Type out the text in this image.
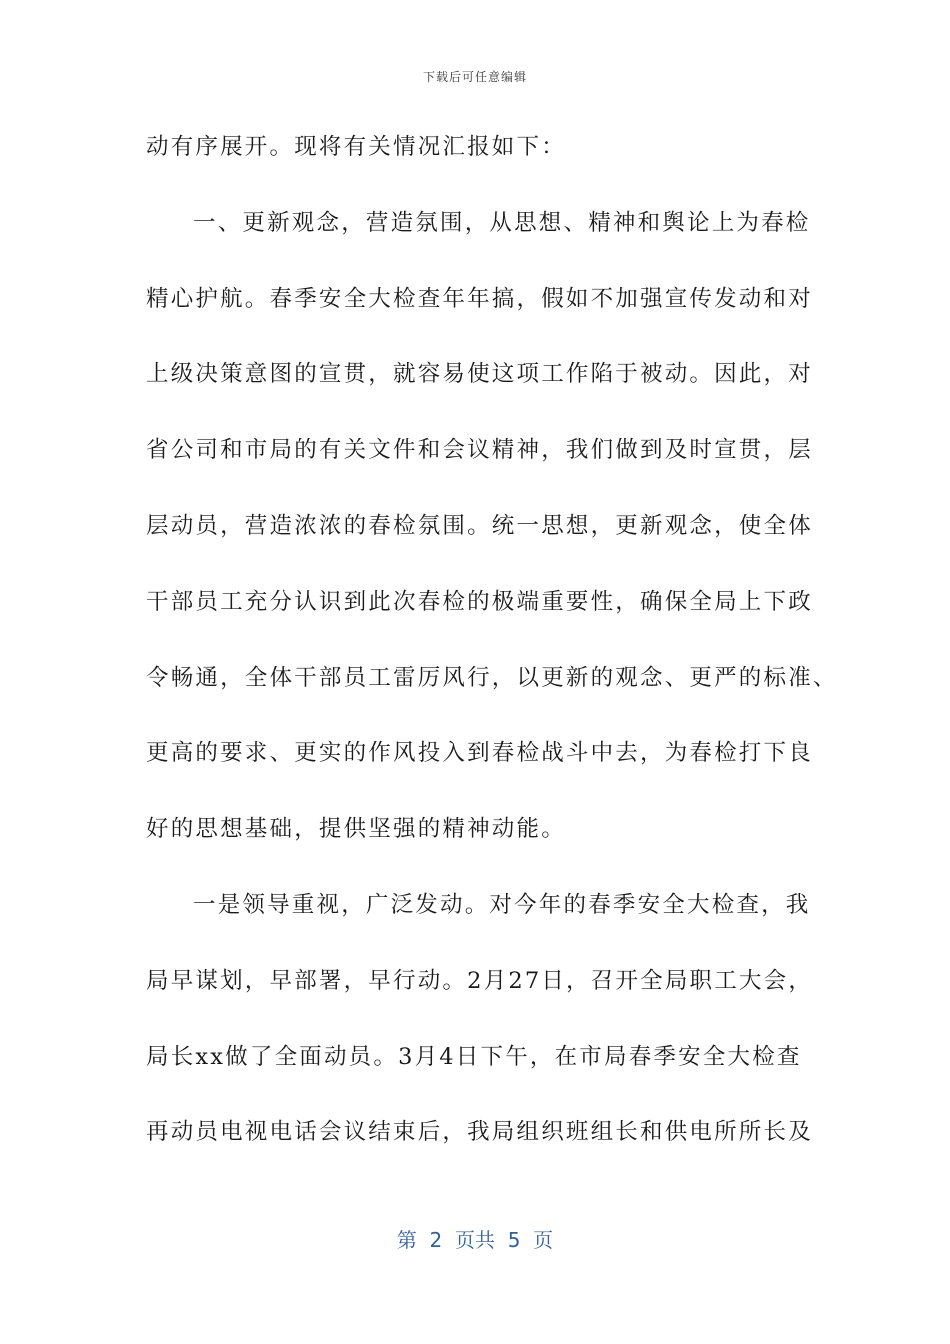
下载后可任意编辑
动有序展开。现将有关情况汇报如下：
一、更新观念，营造氛围，从思想、精神和舆论上为春检
精心护航。春季安全大检查年年搞，假如不加强宣传发动和对
上级决策意图的宣贯，就容易使这项工作陷于被动。因此，对
省公司和市局的有关文件和会议精神，我们做到及时宣贯，层
层动员，营造浓浓的春检氛围。统一思想，更新观念，使全体
干部员工充分认识到此次春检的极端重要性，确保全局上下政
令畅通，全体干部员工雷厉风行，以更新的观念、更严的标准、
更高的要求、更实的作风投入到春检战斗中去，为春检打下良
好的思想基础，提供坚强的精神动能。
一是领导重视，广泛发动。对今年的春季安全大检查，我
局早谋划，早部署，早行动。2月27日，召开全局职工大会，
局长xx做了全面动员。3月4日下午，在市局春季安全大检查
再动员电视电话会议结束后，我局组织班组长和供电所所长及
第  2  页共  5  页
